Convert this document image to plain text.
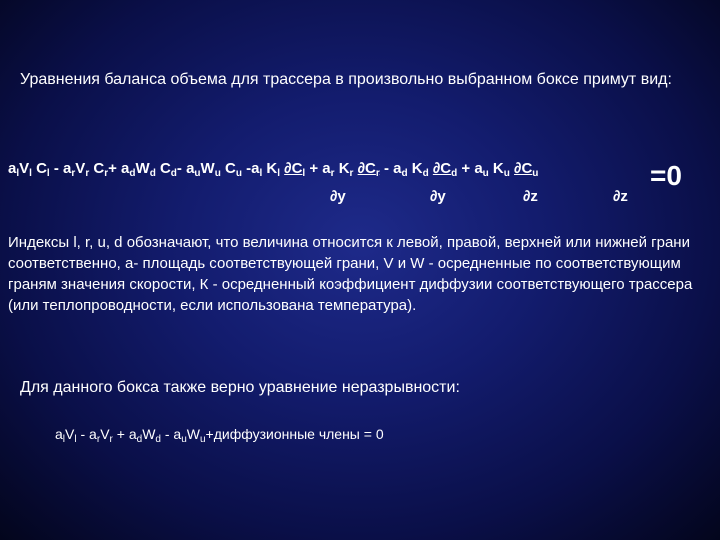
Уравнения баланса объема для трассера в произвольно выбранном боксе примут вид:
$a_lV_l$ $C_l - a_rV_r$ $C_r+ a_dW_d$ $C_d-$ $a_uW_u$ $C_u$ $-a_l$ $K_l$ $\partial C_l + a_r$ $K_r$ $\partial C_r - a_d$ $K_d$ $\partial C_d + a_u$ $K_u$ $\partial C_u$
∂y	∂y	∂z	∂z
=0
Индексы l, r, u, d обозначают, что величина относится к левой, правой, верхней или нижней грани соответственно, а- площадь соответствующей грани, V и W - осредненные по соответствующим граням значения скорости, К - осредненный коэффициент диффузии соответствующего трассера (или теплопроводности, если использована температура).
Для данного бокса также верно уравнение неразрывности:
$a_lV_l - a_rV_r + a_dW_d$ - $a_uW_u+диффузионные$ члены = 0
